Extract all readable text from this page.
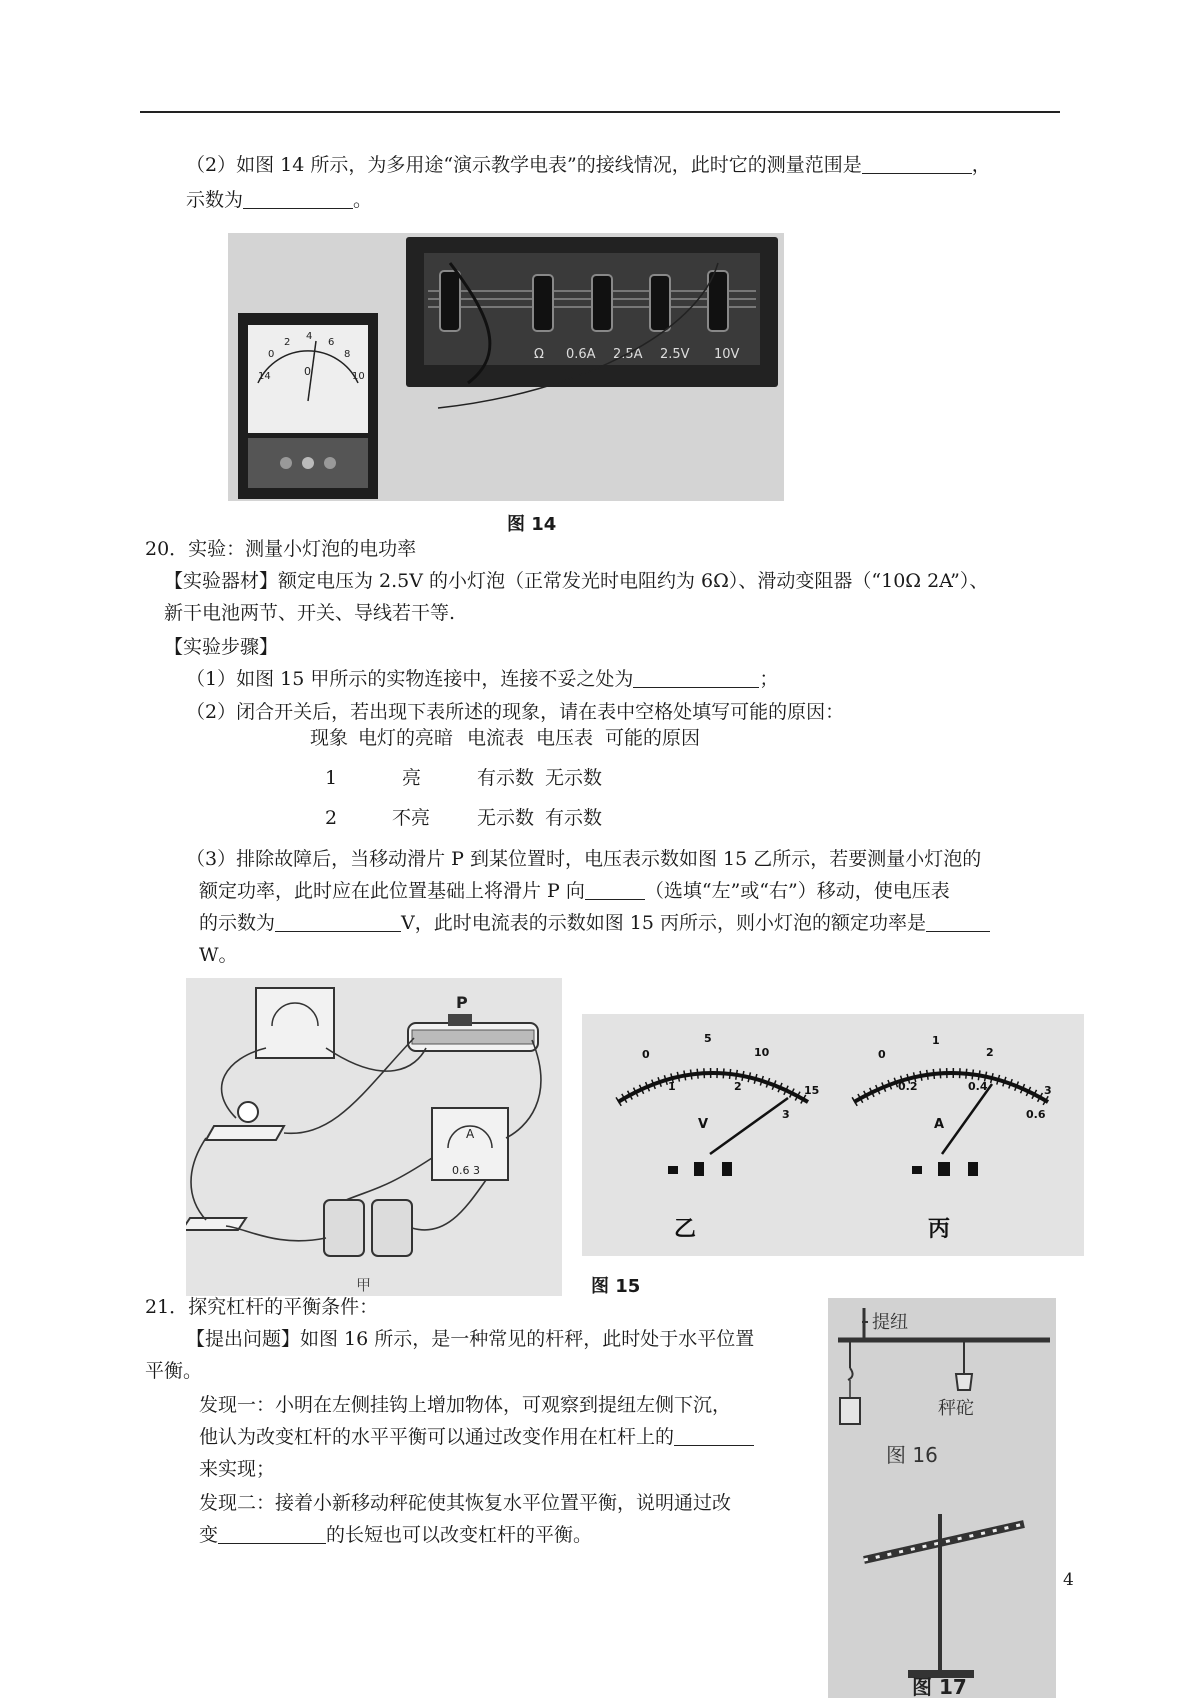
（2）如图 14 所示，为多用途“演示教学电表”的接线情况，此时它的测量范围是	，
示数为	。
Ω 0.6A 2.5A 2.5V 10V
14
0
2
4
6
8
10
0
图 14
20．实验：测量小灯泡的电功率
【实验器材】额定电压为 2.5V 的小灯泡（正常发光时电阻约为 6Ω）、滑动变阻器（“10Ω 2A”）、
新干电池两节、开关、导线若干等.
【实验步骤】
（1）如图 15 甲所示的实物连接中，连接不妥之处为	；
（2）闭合开关后，若出现下表所述的现象，请在表中空格处填写可能的原因：
现象 电灯的亮暗 电流表 电压表 可能的原因
1	亮	有示数 无示数
2	不亮 无示数 有示数
（3）排除故障后，当移动滑片 P 到某位置时，电压表示数如图 15 乙所示，若要测量小灯泡的
额定功率，此时应在此位置基础上将滑片 P 向	（选填“左”或“右”）移动，使电压表
的示数为	V，此时电流表的示数如图 15 丙所示，则小灯泡的额定功率是
W。
P
0.6 3
A
甲
0
5
10
15
1	2
3
V
乙
0
1
2
3
0.2	0.4
0.6
A
丙
图 15
21．探究杠杆的平衡条件：
【提出问题】如图 16 所示，是一种常见的杆秤，此时处于水平位置
平衡。
发现一：小明在左侧挂钩上增加物体，可观察到提纽左侧下沉，
他认为改变杠杆的水平平衡可以通过改变作用在杠杆上的
来实现；
发现二：接着小新移动秤砣使其恢复水平位置平衡，说明通过改
变	的长短也可以改变杠杆的平衡。
提纽
秤砣
图 16
图 17
4
